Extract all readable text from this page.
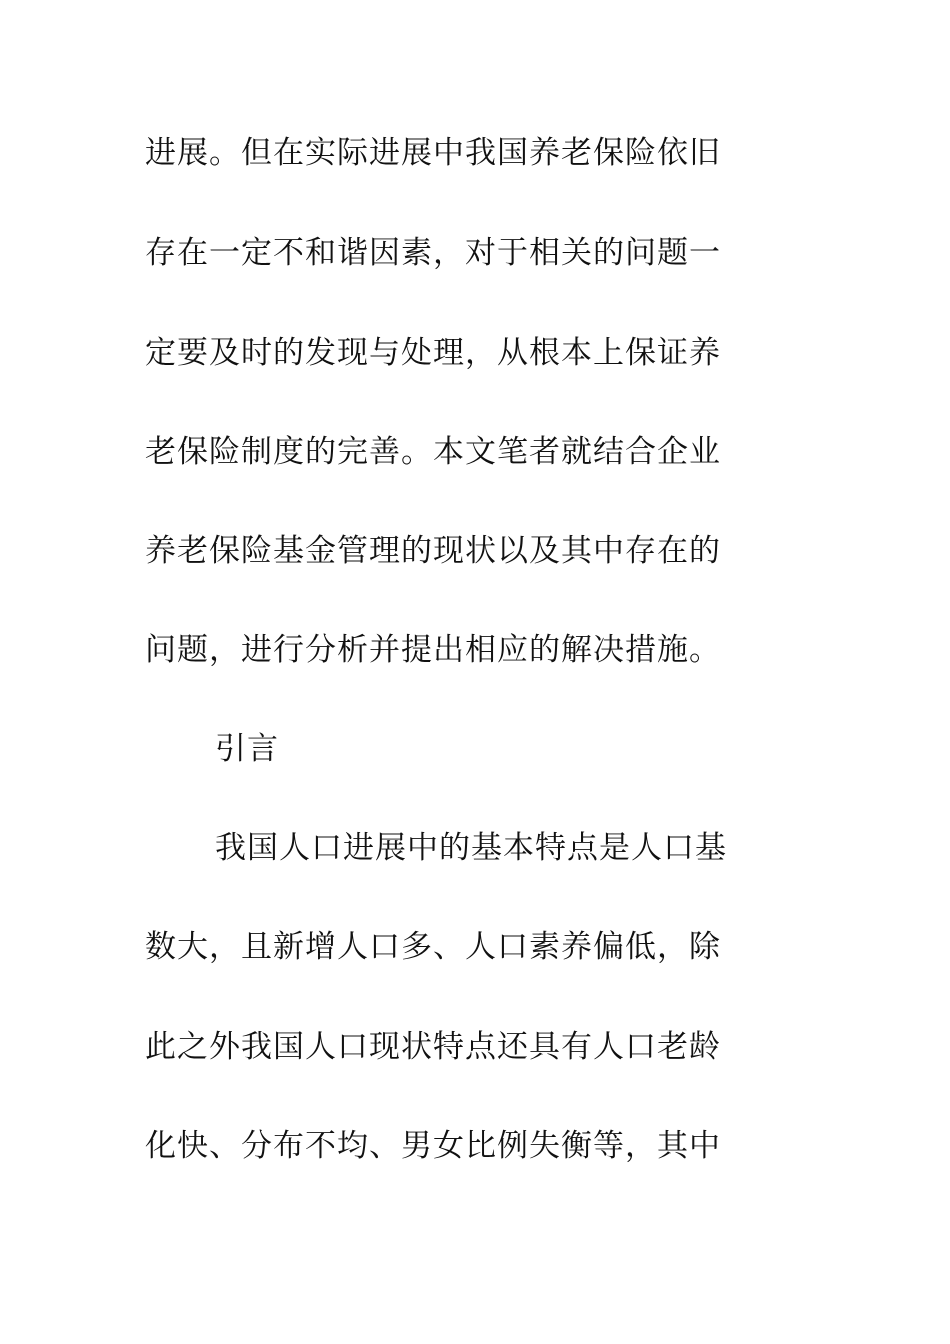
进展。但在实际进展中我国养老保险依旧
存在一定不和谐因素，对于相关的问题一
定要及时的发现与处理，从根本上保证养
老保险制度的完善。本文笔者就结合企业
养老保险基金管理的现状以及其中存在的
问题，进行分析并提出相应的解决措施。
引言
我国人口进展中的基本特点是人口基
数大，且新增人口多、人口素养偏低，除
此之外我国人口现状特点还具有人口老龄
化快、分布不均、男女比例失衡等，其中
